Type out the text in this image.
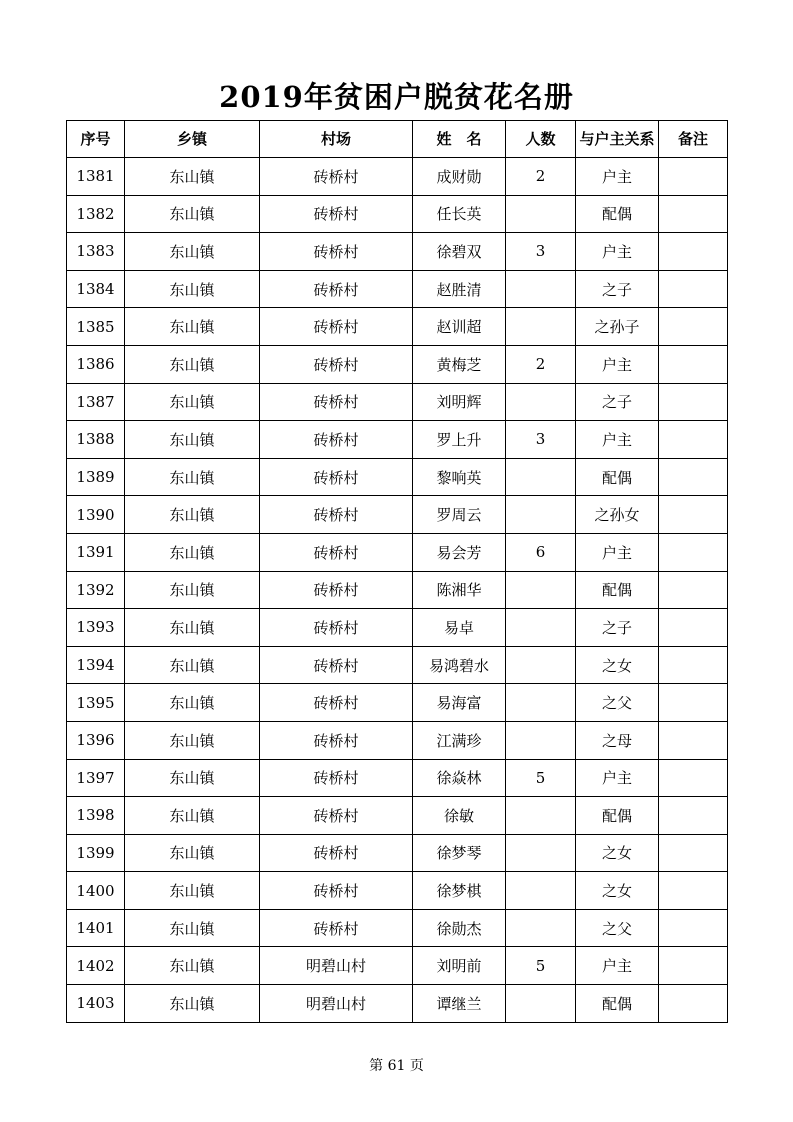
2019年贫困户脱贫花名册
序号	乡镇	村场	姓　名	人数	与户主关系	备注
1381	东山镇	砖桥村	成财勋	2	户主	
1382	东山镇	砖桥村	任长英		配偶	
1383	东山镇	砖桥村	徐碧双	3	户主	
1384	东山镇	砖桥村	赵胜清		之子	
1385	东山镇	砖桥村	赵训超		之孙子	
1386	东山镇	砖桥村	黄梅芝	2	户主	
1387	东山镇	砖桥村	刘明辉		之子	
1388	东山镇	砖桥村	罗上升	3	户主	
1389	东山镇	砖桥村	黎响英		配偶	
1390	东山镇	砖桥村	罗周云		之孙女	
1391	东山镇	砖桥村	易会芳	6	户主	
1392	东山镇	砖桥村	陈湘华		配偶	
1393	东山镇	砖桥村	易卓		之子	
1394	东山镇	砖桥村	易鸿碧水		之女	
1395	东山镇	砖桥村	易海富		之父	
1396	东山镇	砖桥村	江满珍		之母	
1397	东山镇	砖桥村	徐焱林	5	户主	
1398	东山镇	砖桥村	徐敏		配偶	
1399	东山镇	砖桥村	徐梦琴		之女	
1400	东山镇	砖桥村	徐梦棋		之女	
1401	东山镇	砖桥村	徐勋杰		之父	
1402	东山镇	明碧山村	刘明前	5	户主	
1403	东山镇	明碧山村	谭继兰		配偶	
第 61 页
